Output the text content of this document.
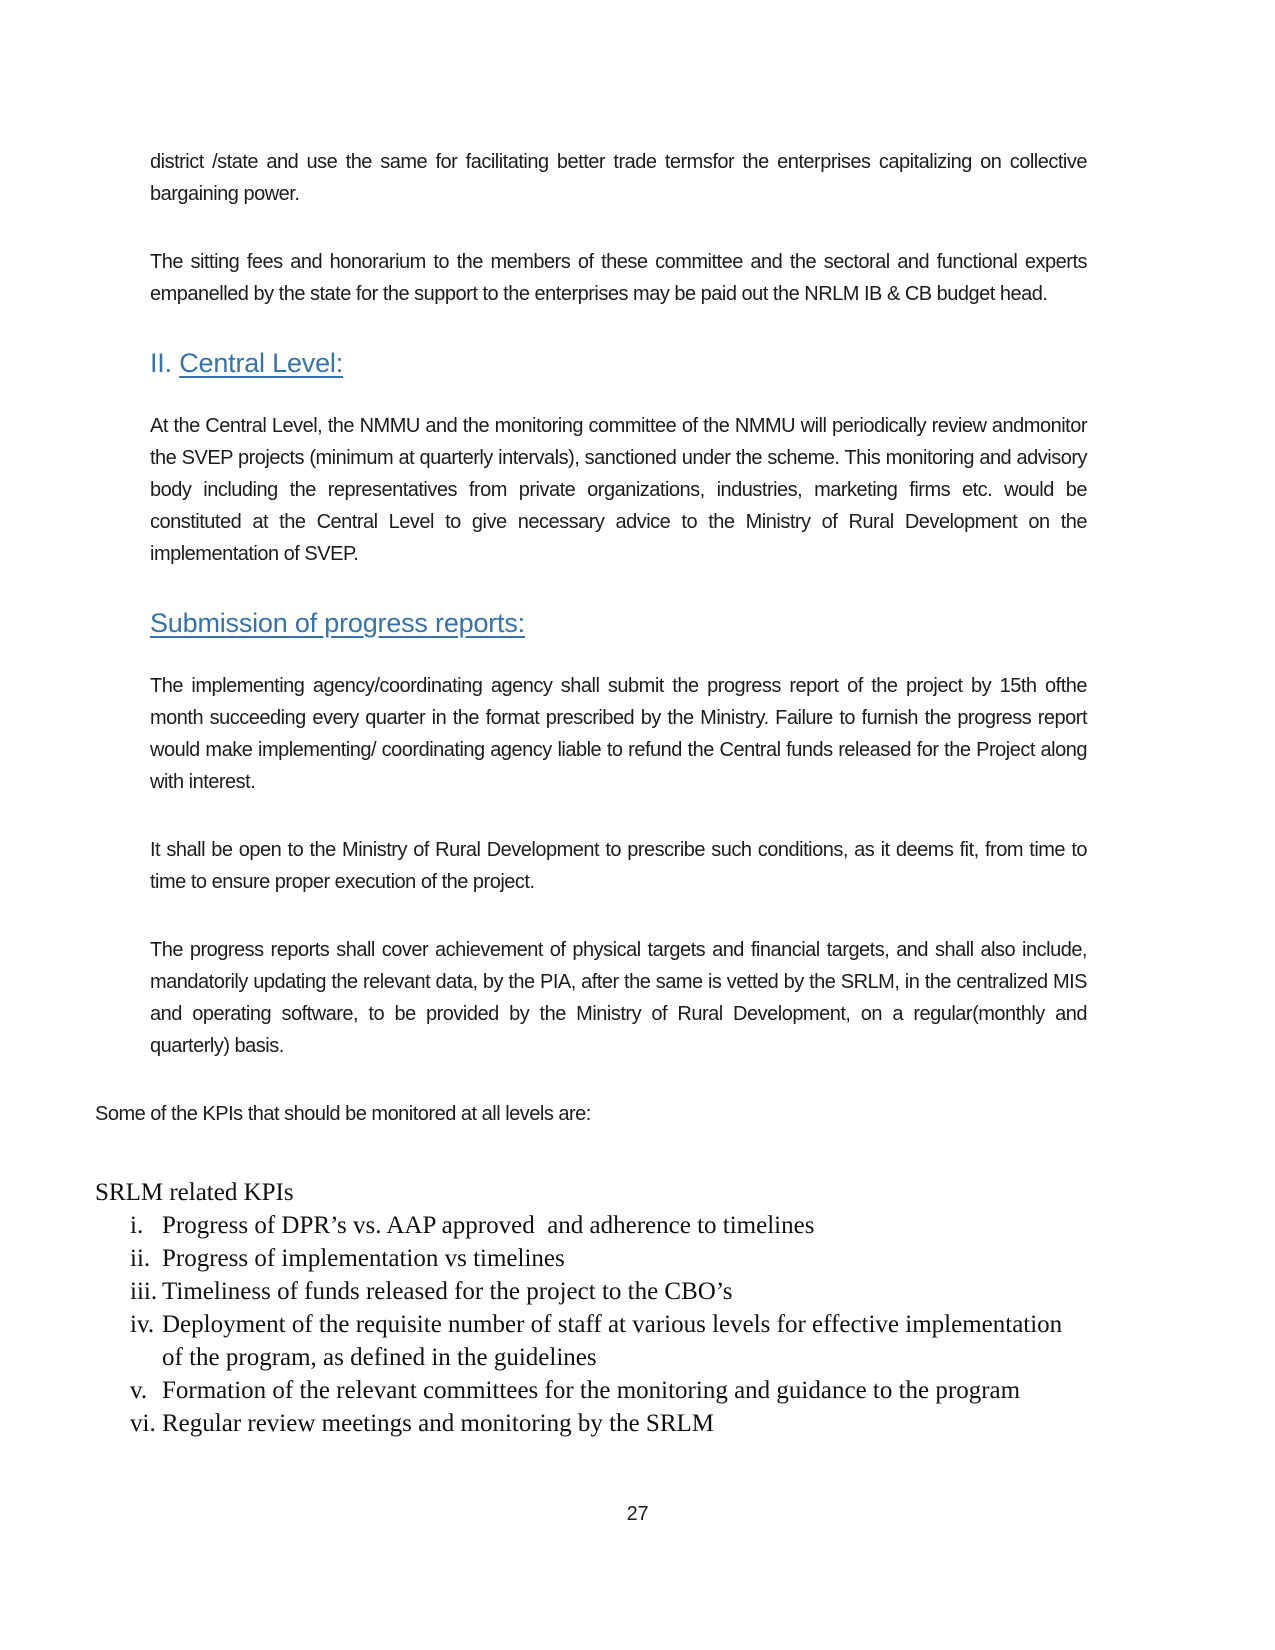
district /state and use the same for facilitating better trade termsfor the enterprises capitalizing on collective bargaining power.
The sitting fees and honorarium to the members of these committee and the sectoral and functional experts empanelled by the state for the support to the enterprises may be paid out the NRLM IB & CB budget head.
II. Central Level:
At the Central Level, the NMMU and the monitoring committee of the NMMU will periodically review andmonitor the SVEP projects (minimum at quarterly intervals), sanctioned under the scheme. This monitoring and advisory body including the representatives from private organizations, industries, marketing firms etc. would be constituted at the Central Level to give necessary advice to the Ministry of Rural Development on the implementation of SVEP.
Submission of progress reports:
The implementing agency/coordinating agency shall submit the progress report of the project by 15th ofthe month succeeding every quarter in the format prescribed by the Ministry. Failure to furnish the progress report would make implementing/ coordinating agency liable to refund the Central funds released for the Project along with interest.
It shall be open to the Ministry of Rural Development to prescribe such conditions, as it deems fit, from time to time to ensure proper execution of the project.
The progress reports shall cover achievement of physical targets and financial targets, and shall also include, mandatorily updating the relevant data, by the PIA, after the same is vetted by the SRLM, in the centralized MIS and operating software, to be provided by the Ministry of Rural Development, on a regular(monthly and quarterly) basis.
Some of the KPIs that should be monitored at all levels are:
SRLM related KPIs
i. Progress of DPR’s vs. AAP approved  and adherence to timelines
ii. Progress of implementation vs timelines
iii. Timeliness of funds released for the project to the CBO’s
iv. Deployment of the requisite number of staff at various levels for effective implementation of the program, as defined in the guidelines
v. Formation of the relevant committees for the monitoring and guidance to the program
vi. Regular review meetings and monitoring by the SRLM
27
